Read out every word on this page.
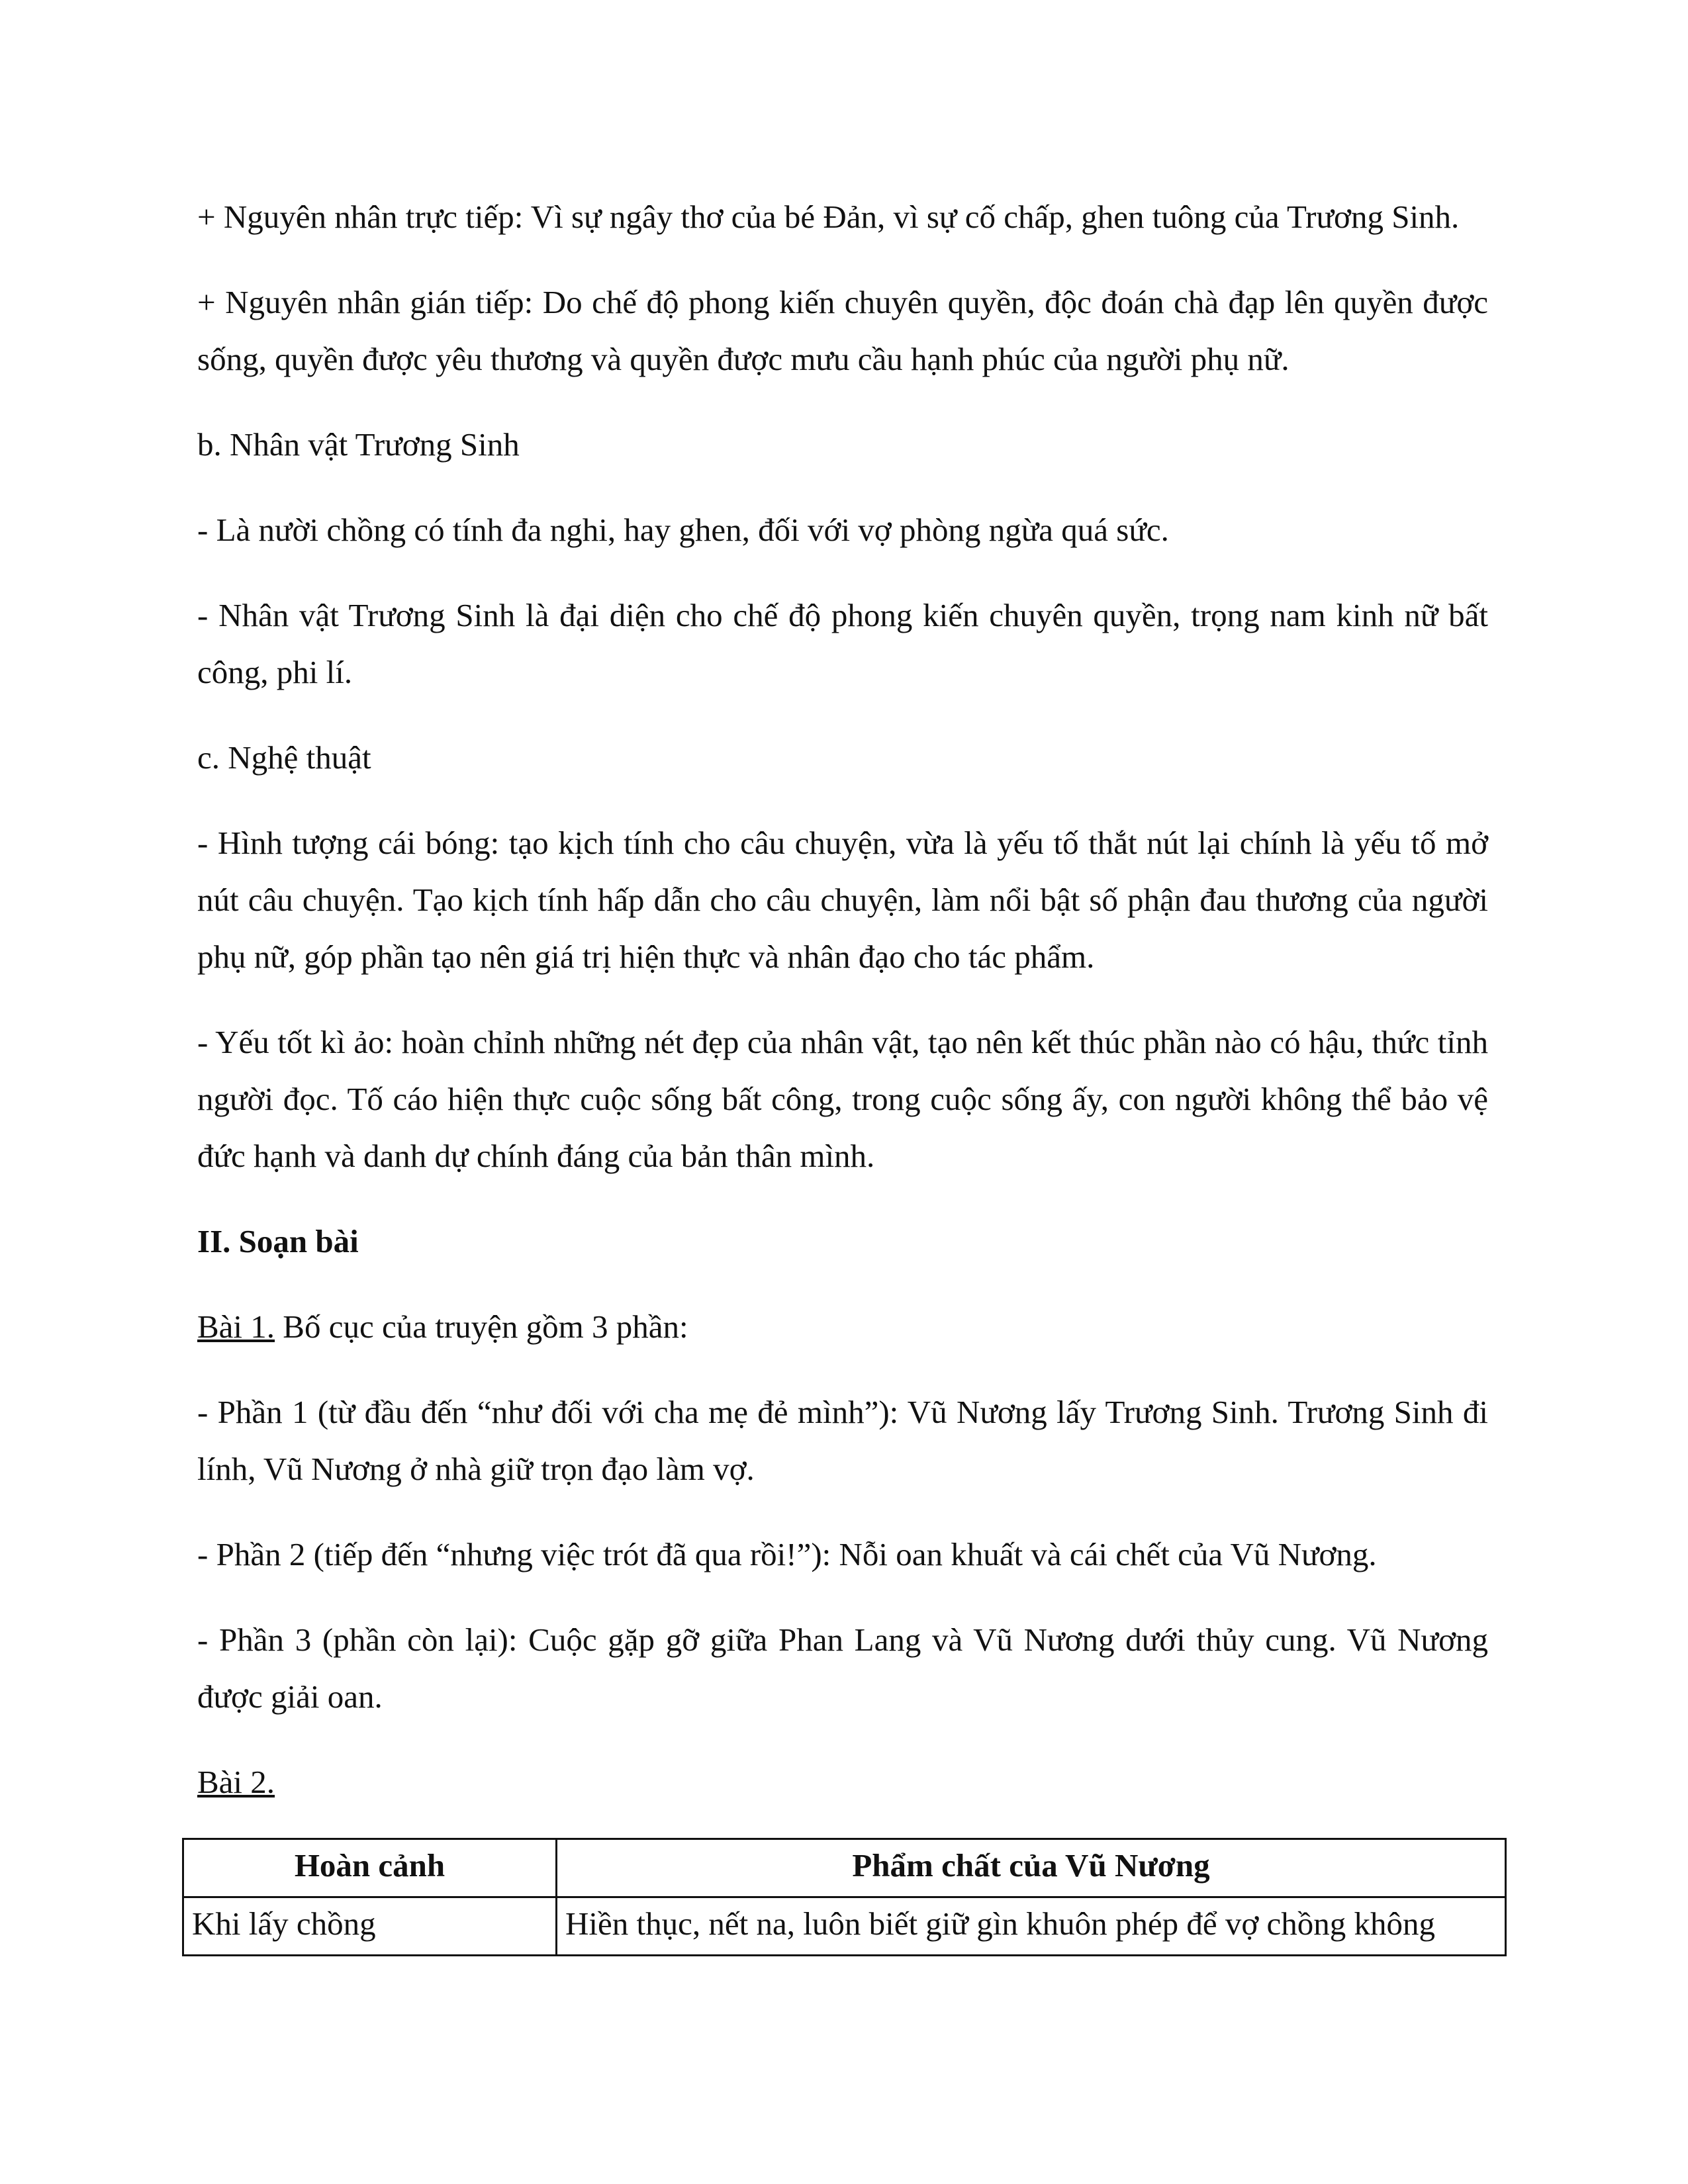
+ Nguyên nhân trực tiếp: Vì sự ngây thơ của bé Đản, vì sự cố chấp, ghen tuông của Trương Sinh.

+ Nguyên nhân gián tiếp: Do chế độ phong kiến chuyên quyền, độc đoán chà đạp lên quyền được sống, quyền được yêu thương và quyền được mưu cầu hạnh phúc của người phụ nữ.

b. Nhân vật Trương Sinh

- Là nười chồng có tính đa nghi, hay ghen, đối với vợ phòng ngừa quá sức.

- Nhân vật Trương Sinh là đại diện cho chế độ phong kiến chuyên quyền, trọng nam kinh nữ bất công, phi lí.

c. Nghệ thuật

- Hình tượng cái bóng: tạo kịch tính cho câu chuyện, vừa là yếu tố thắt nút lại chính là yếu tố mở nút câu chuyện. Tạo kịch tính hấp dẫn cho câu chuyện, làm nổi bật số phận đau thương của người phụ nữ, góp phần tạo nên giá trị hiện thực và nhân đạo cho tác phẩm.

- Yếu tốt kì ảo: hoàn chỉnh những nét đẹp của nhân vật, tạo nên kết thúc phần nào có hậu, thức tỉnh người đọc. Tố cáo hiện thực cuộc sống bất công, trong cuộc sống ấy, con người không thể bảo vệ đức hạnh và danh dự chính đáng của bản thân mình.

II. Soạn bài

Bài 1. Bố cục của truyện gồm 3 phần:

- Phần 1 (từ đầu đến “như đối với cha mẹ đẻ mình”): Vũ Nương lấy Trương Sinh. Trương Sinh đi lính, Vũ Nương ở nhà giữ trọn đạo làm vợ.

- Phần 2 (tiếp đến “nhưng việc trót đã qua rồi!”): Nỗi oan khuất và cái chết của Vũ Nương.

- Phần 3 (phần còn lại): Cuộc gặp gỡ giữa Phan Lang và Vũ Nương dưới thủy cung. Vũ Nương được giải oan.

Bài 2.

Hoàn cảnh	Phẩm chất của Vũ Nương
Khi lấy chồng	Hiền thục, nết na, luôn biết giữ gìn khuôn phép để vợ chồng không
